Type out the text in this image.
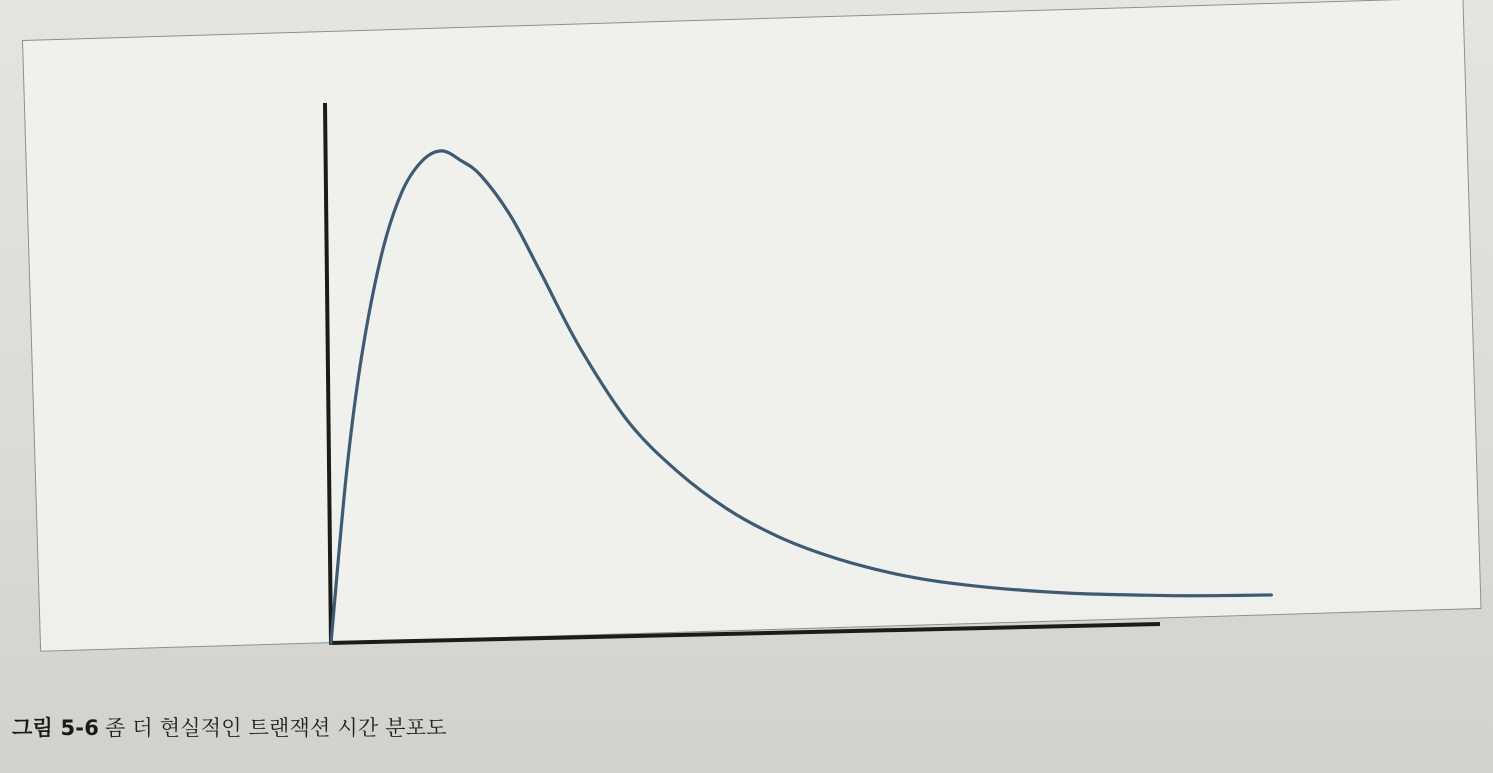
그림 5-6 좀 더 현실적인 트랜잭션 시간 분포도
